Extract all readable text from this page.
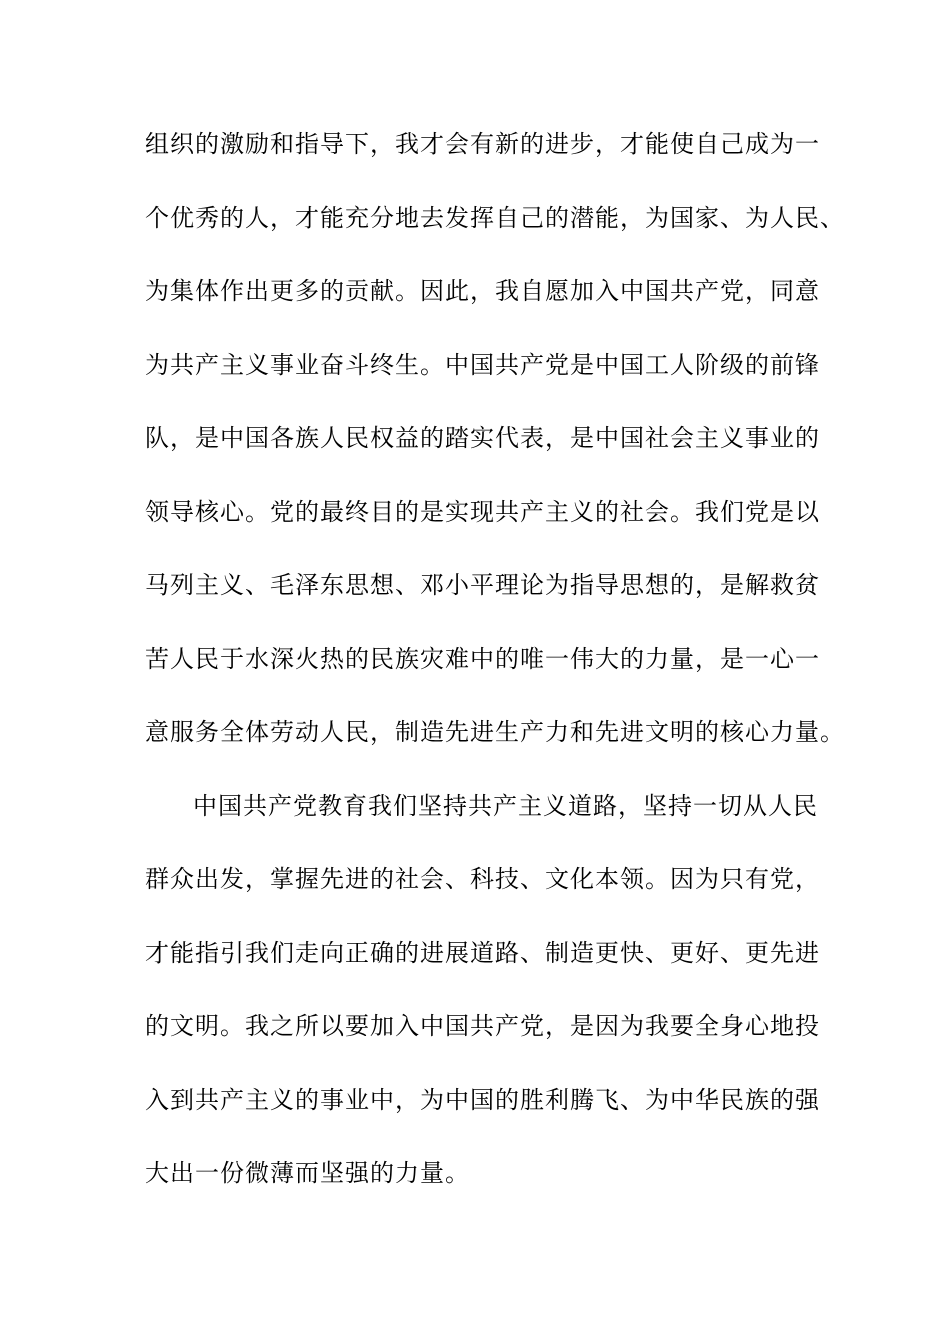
组织的激励和指导下，我才会有新的进步，才能使自己成为一
个优秀的人，才能充分地去发挥自己的潜能，为国家、为人民、
为集体作出更多的贡献。因此，我自愿加入中国共产党，同意
为共产主义事业奋斗终生。中国共产党是中国工人阶级的前锋
队，是中国各族人民权益的踏实代表，是中国社会主义事业的
领导核心。党的最终目的是实现共产主义的社会。我们党是以
马列主义、毛泽东思想、邓小平理论为指导思想的，是解救贫
苦人民于水深火热的民族灾难中的唯一伟大的力量，是一心一
意服务全体劳动人民，制造先进生产力和先进文明的核心力量。
中国共产党教育我们坚持共产主义道路，坚持一切从人民
群众出发，掌握先进的社会、科技、文化本领。因为只有党，
才能指引我们走向正确的进展道路、制造更快、更好、更先进
的文明。我之所以要加入中国共产党，是因为我要全身心地投
入到共产主义的事业中，为中国的胜利腾飞、为中华民族的强
大出一份微薄而坚强的力量。
